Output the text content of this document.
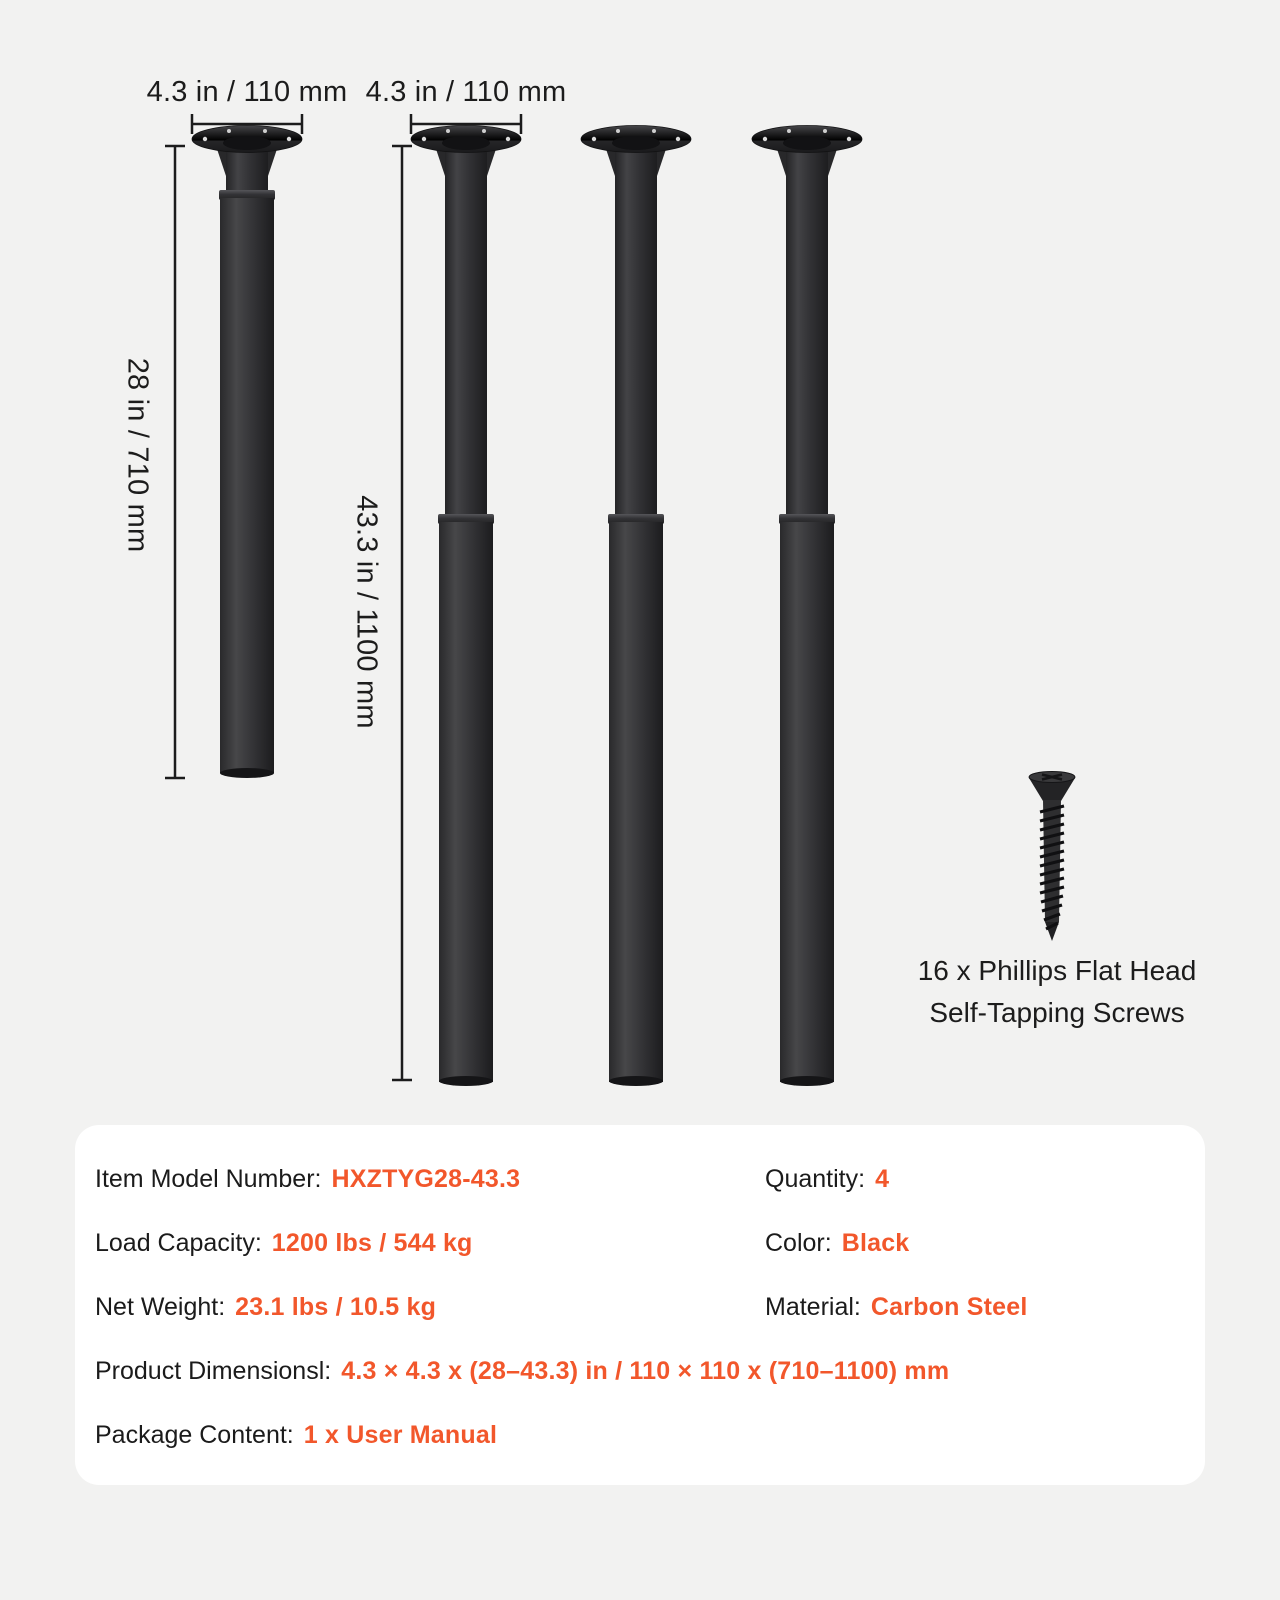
4.3 in / 110 mm 4.3 in / 110 mm
28 in / 710 mm
43.3 in / 1100 mm
16 x Phillips Flat Head
Self-Tapping Screws
Item Model Number: HXZTYG28-43.3
Load Capacity: 1200 lbs / 544 kg
Net Weight: 23.1 lbs / 10.5 kg
Product Dimensionsl: 4.3 × 4.3 x (28–43.3) in / 110 × 110 x (710–1100) mm
Package Content: 1 x User Manual
Quantity: 4
Color: Black
Material: Carbon Steel
